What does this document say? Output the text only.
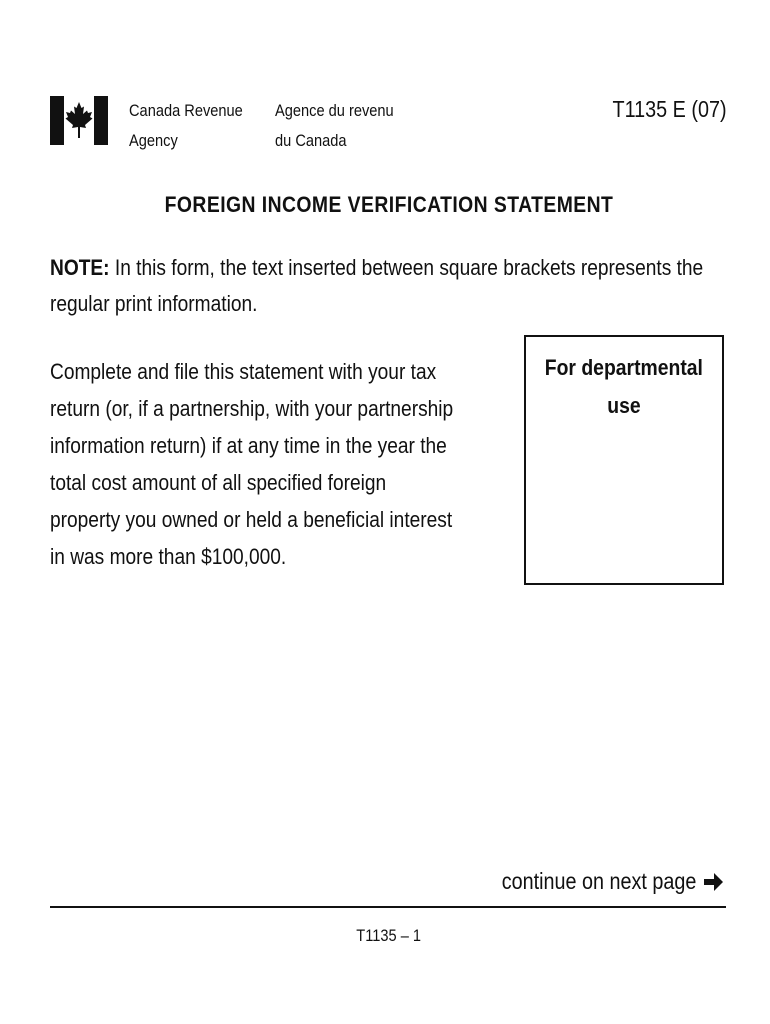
Canada Revenue
Agency
Agence du revenu
du Canada
T1135 E (07)
FOREIGN INCOME VERIFICATION STATEMENT
NOTE: In this form, the text inserted between square brackets represents the regular print information.
Complete and file this statement with your tax
return (or, if a partnership, with your partnership
information return) if at any time in the year the
total cost amount of all specified foreign
property you owned or held a beneficial interest
in was more than $100,000.
For departmental
use
continue on next page
T1135 – 1
